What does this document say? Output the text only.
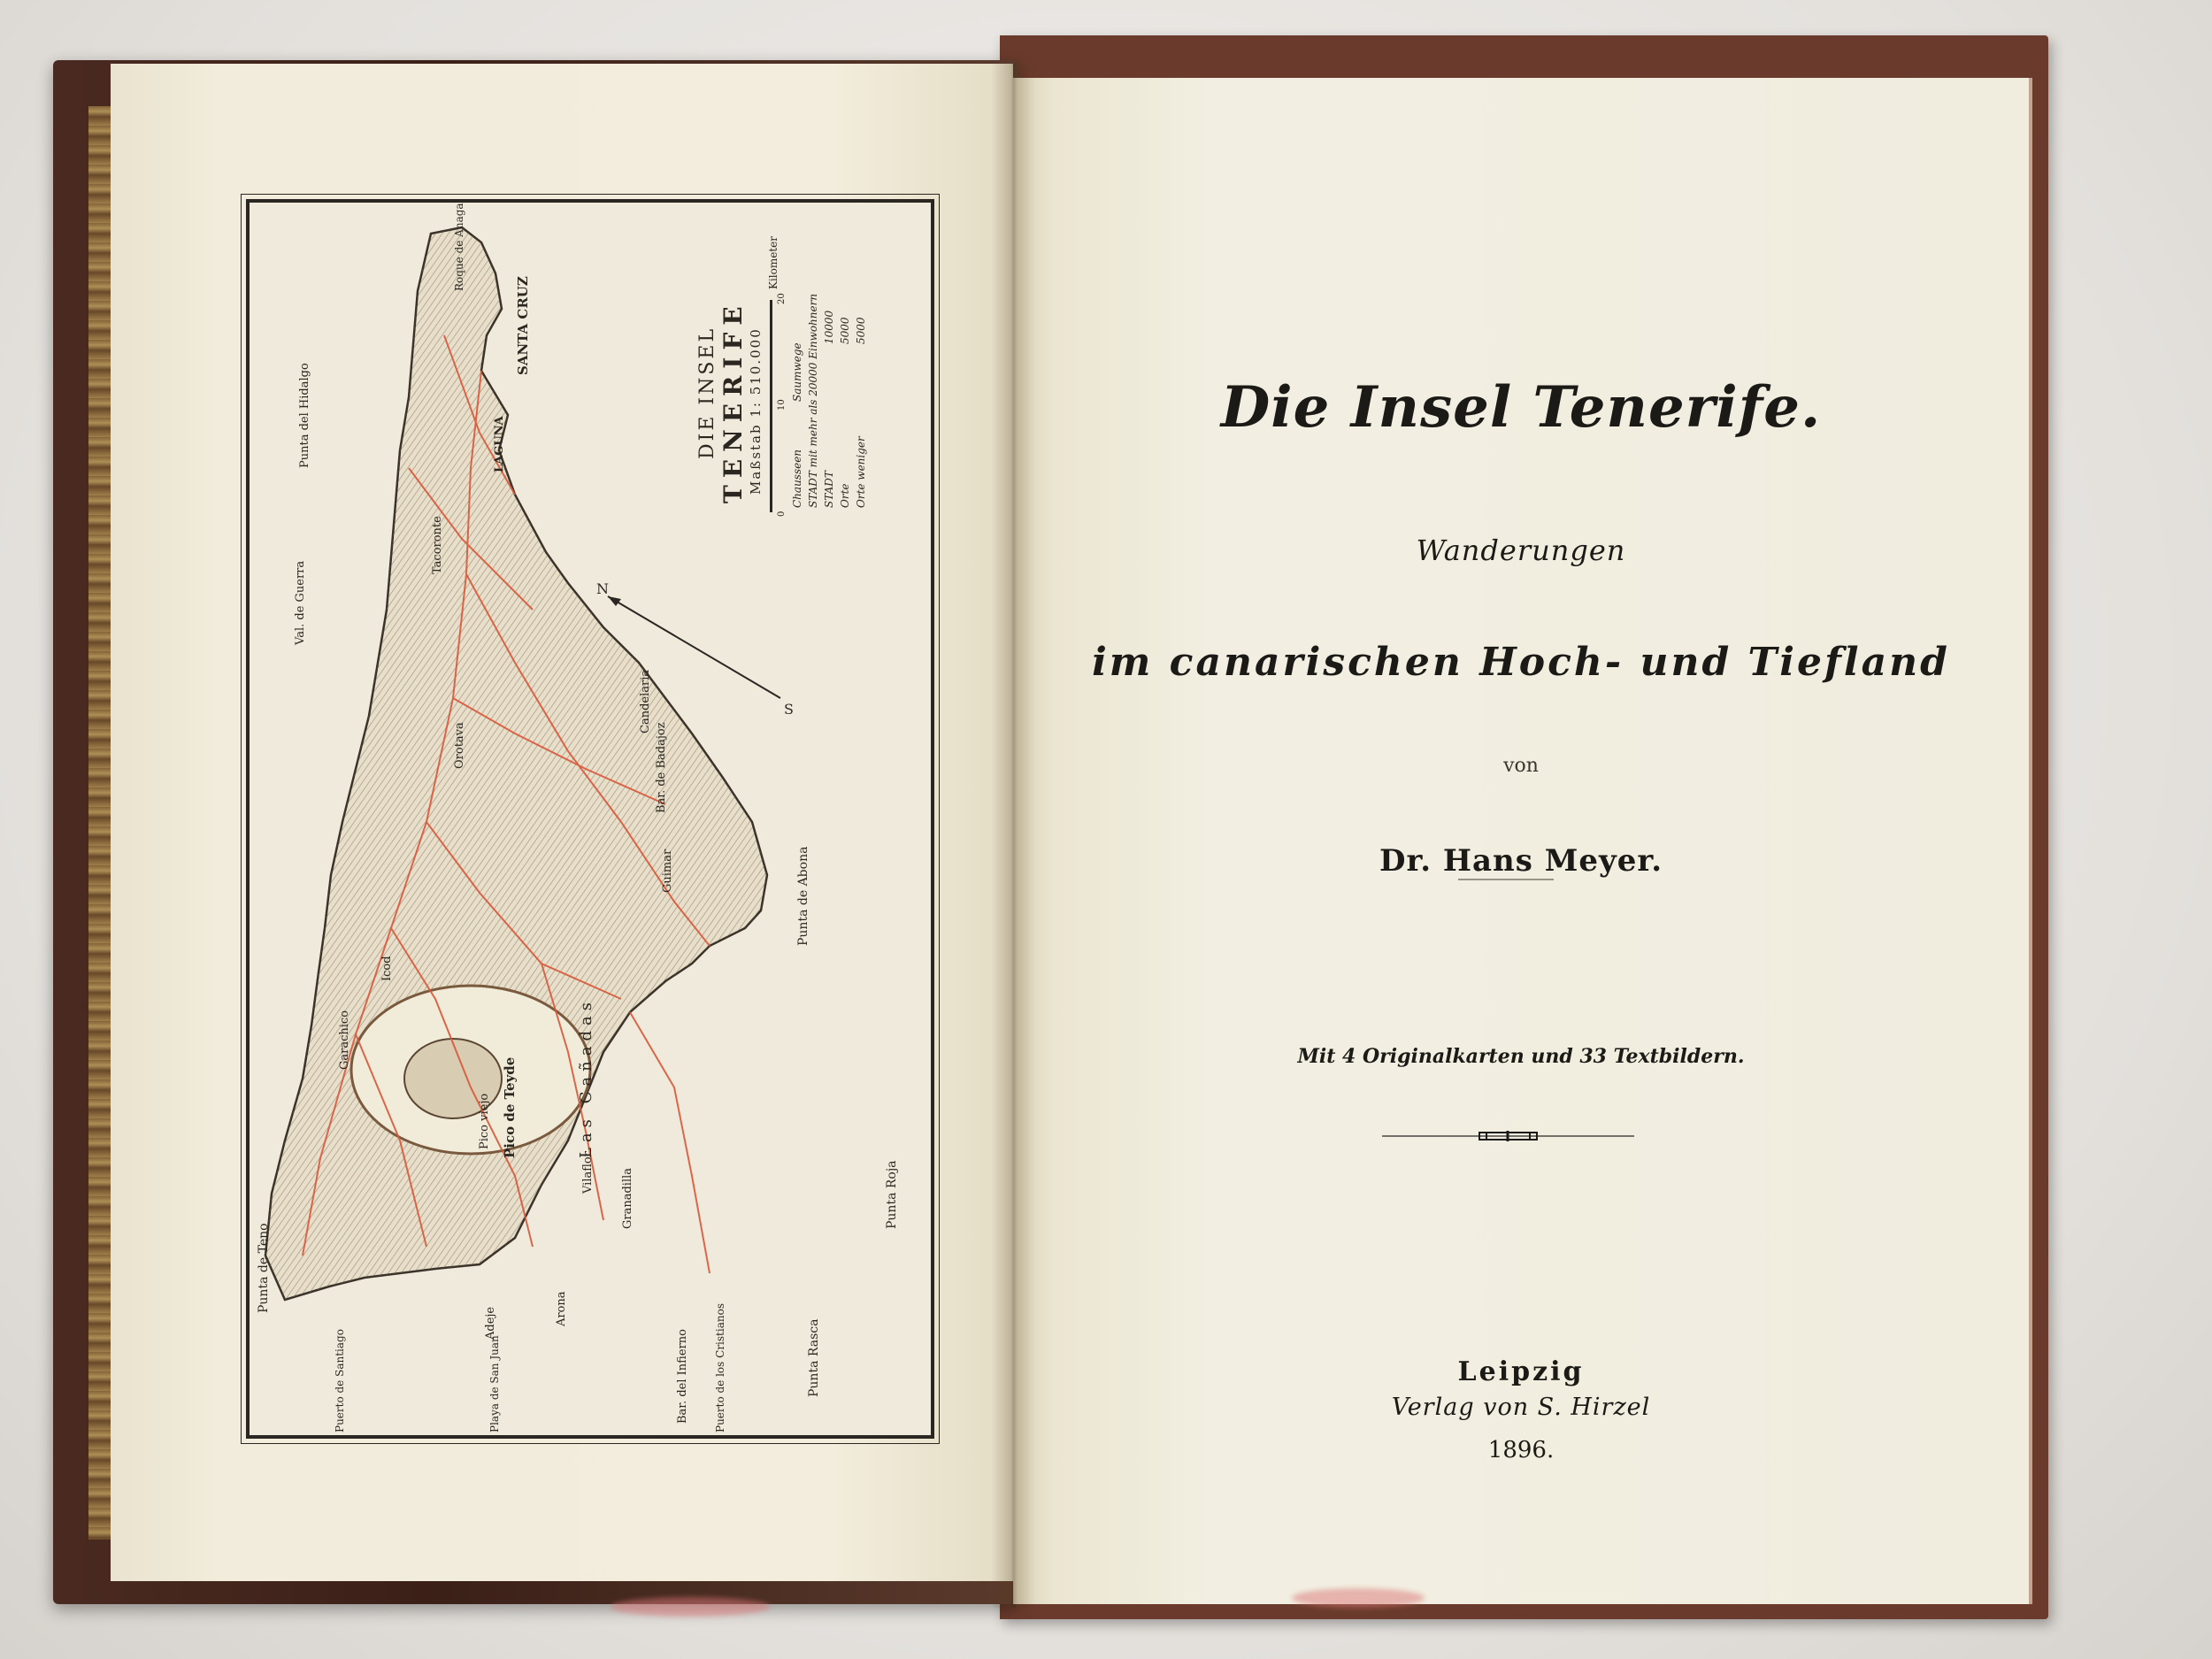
N
S
SANTA CRUZ
LAGUNA
Punta de Teno
Punta de Abona
Punta Roja
Punta Rasca
Bar. de Badajoz
Bar. del Infierno
Pico de Teyde
Pico viejo	Las Cañadas
Candelaria
Guimar
Orotava
Icod
Garachico
Adeje	Arona
Granadilla
Vilaflor
Tacoronte
Puerto de Santiago	Puerto de los Cristianos
Playa de San Juan
Punta del Hidalgo
Val. de Guerra
Roque de Anaga
DIE INSEL TENERIFE Maßstab 1: 510.000
Kilometer
0
10
20
Chausseen
Saumwege STADT mit mehr als 20000 Einwohnern STADT
10000
Orte
5000
Orte weniger
5000
Die Insel Tenerife.
Wanderungen
im canarischen Hoch- und Tiefland
von
Dr. Hans Meyer.
Mit 4 Originalkarten und 33 Textbildern.
Leipzig
Verlag von S. Hirzel
1896.
